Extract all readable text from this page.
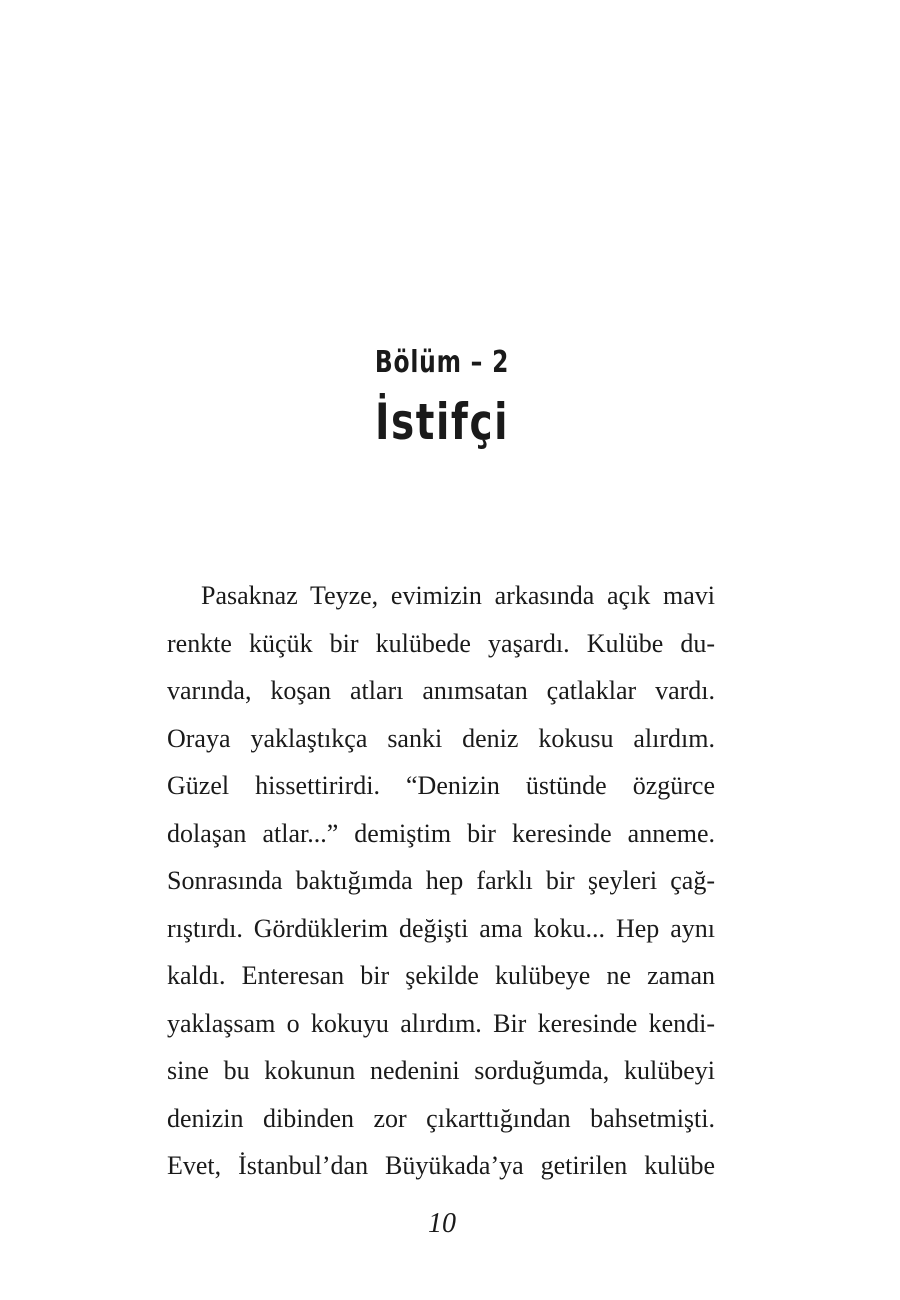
Bölüm – 2
İstifçi
Pasaknaz Teyze, evimizin arkasında açık mavi
renkte küçük bir kulübede yaşardı. Kulübe du-
varında, koşan atları anımsatan çatlaklar vardı.
Oraya yaklaştıkça sanki deniz kokusu alırdım.
Güzel hissettirirdi. “Denizin üstünde özgürce
dolaşan atlar...” demiştim bir keresinde anneme.
Sonrasında baktığımda hep farklı bir şeyleri çağ-
rıştırdı. Gördüklerim değişti ama koku... Hep aynı
kaldı. Enteresan bir şekilde kulübeye ne zaman
yaklaşsam o kokuyu alırdım. Bir keresinde kendi-
sine bu kokunun nedenini sorduğumda, kulübeyi
denizin dibinden zor çıkarttığından bahsetmişti.
Evet, İstanbul’dan Büyükada’ya getirilen kulübe
10
